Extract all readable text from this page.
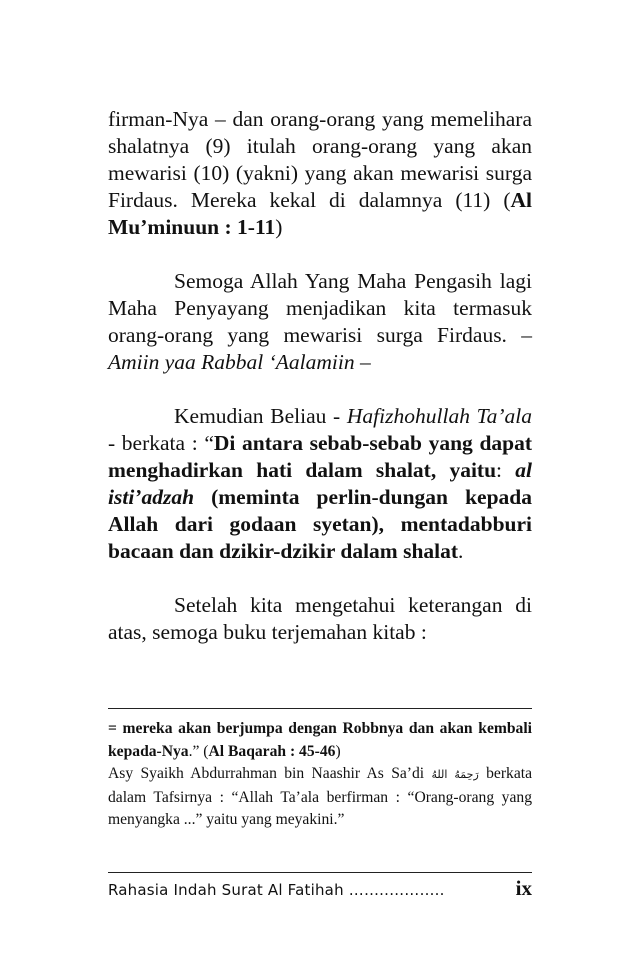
firman-Nya – dan orang-orang yang memelihara shalatnya (9) itulah orang-orang yang akan mewarisi (10) (yakni) yang akan mewarisi surga Firdaus. Mereka kekal di dalamnya (11) (Al Mu’minuun : 1-11)

Semoga Allah Yang Maha Pengasih lagi Maha Penyayang menjadikan kita termasuk orang-orang yang mewarisi surga Firdaus. – Amiin yaa Rabbal ‘Aalamiin –

Kemudian Beliau - Hafizhohullah Ta’ala - berkata : “Di antara sebab-sebab yang dapat menghadirkan hati dalam shalat, yaitu: al isti’adzah (meminta perlin-dungan kepada Allah dari godaan syetan), mentadabburi bacaan dan dzikir-dzikir dalam shalat.

Setelah kita mengetahui keterangan di atas, semoga buku terjemahan kitab :

= mereka akan berjumpa dengan Robbnya dan akan kembali kepada-Nya.” (Al Baqarah : 45-46)
Asy Syaikh Abdurrahman bin Naashir As Sa’di رَحِمَهُ اللهُ berkata dalam Tafsirnya : “Allah Ta’ala berfirman : “Orang-orang yang menyangka ...” yaitu yang meyakini.”

Rahasia Indah Surat Al Fatihah ……..………..	ix
